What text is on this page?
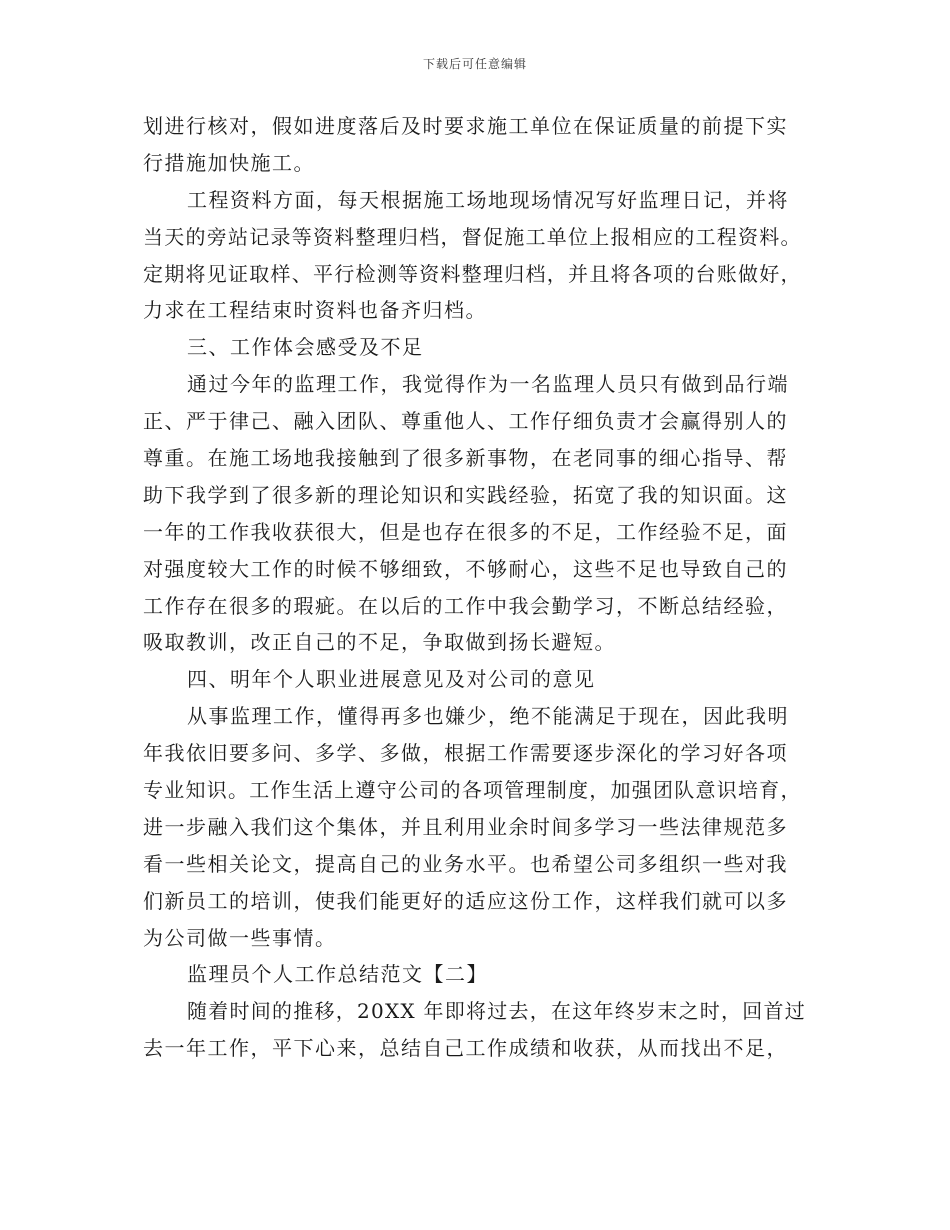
下载后可任意编辑
划进行核对，假如进度落后及时要求施工单位在保证质量的前提下实
行措施加快施工。
工程资料方面，每天根据施工场地现场情况写好监理日记，并将
当天的旁站记录等资料整理归档，督促施工单位上报相应的工程资料。
定期将见证取样、平行检测等资料整理归档，并且将各项的台账做好，
力求在工程结束时资料也备齐归档。
三、工作体会感受及不足
通过今年的监理工作，我觉得作为一名监理人员只有做到品行端
正、严于律己、融入团队、尊重他人、工作仔细负责才会赢得别人的
尊重。在施工场地我接触到了很多新事物，在老同事的细心指导、帮
助下我学到了很多新的理论知识和实践经验，拓宽了我的知识面。这
一年的工作我收获很大，但是也存在很多的不足，工作经验不足，面
对强度较大工作的时候不够细致，不够耐心，这些不足也导致自己的
工作存在很多的瑕疵。在以后的工作中我会勤学习，不断总结经验，
吸取教训，改正自己的不足，争取做到扬长避短。
四、明年个人职业进展意见及对公司的意见
从事监理工作，懂得再多也嫌少，绝不能满足于现在，因此我明
年我依旧要多问、多学、多做，根据工作需要逐步深化的学习好各项
专业知识。工作生活上遵守公司的各项管理制度，加强团队意识培育，
进一步融入我们这个集体，并且利用业余时间多学习一些法律规范多
看一些相关论文，提高自己的业务水平。也希望公司多组织一些对我
们新员工的培训，使我们能更好的适应这份工作，这样我们就可以多
为公司做一些事情。
监理员个人工作总结范文【二】
随着时间的推移，20XX 年即将过去，在这年终岁末之时，回首过
去一年工作，平下心来，总结自己工作成绩和收获，从而找出不足，
